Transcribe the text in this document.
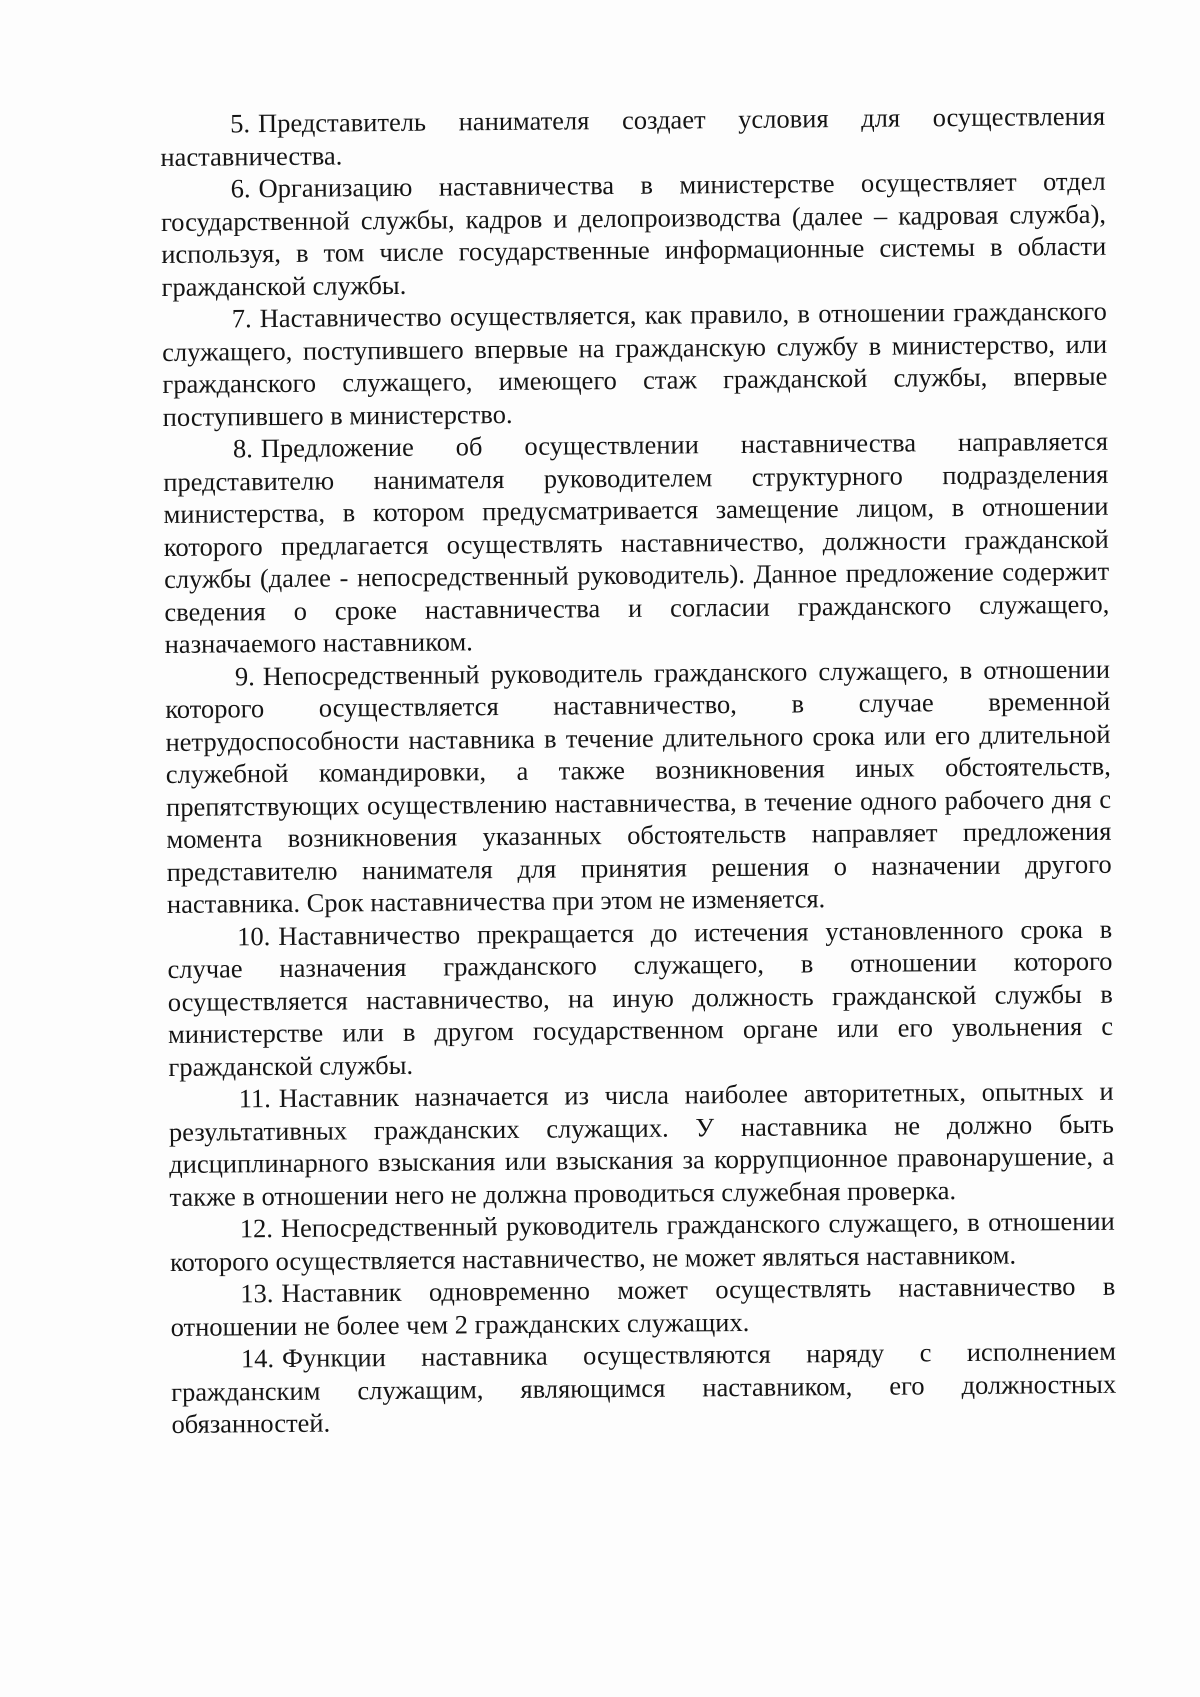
5. Представитель нанимателя создает условия для осуществления наставничества.

6. Организацию наставничества в министерстве осуществляет отдел государственной службы, кадров и делопроизводства (далее – кадровая служба), используя, в том числе государственные информационные системы в области гражданской службы.

7. Наставничество осуществляется, как правило, в отношении гражданского служащего, поступившего впервые на гражданскую службу в министерство, или гражданского служащего, имеющего стаж гражданской службы, впервые поступившего в министерство.

8. Предложение об осуществлении наставничества направляется представителю нанимателя руководителем структурного подразделения министерства, в котором предусматривается замещение лицом, в отношении которого предлагается осуществлять наставничество, должности гражданской службы (далее - непосредственный руководитель). Данное предложение содержит сведения о сроке наставничества и согласии гражданского служащего, назначаемого наставником.

9. Непосредственный руководитель гражданского служащего, в отношении которого осуществляется наставничество, в случае временной нетрудоспособности наставника в течение длительного срока или его длительной служебной командировки, а также возникновения иных обстоятельств, препятствующих осуществлению наставничества, в течение одного рабочего дня с момента возникновения указанных обстоятельств направляет предложения представителю нанимателя для принятия решения о назначении другого наставника. Срок наставничества при этом не изменяется.

10. Наставничество прекращается до истечения установленного срока в случае назначения гражданского служащего, в отношении которого осуществляется наставничество, на иную должность гражданской службы в министерстве или в другом государственном органе или его увольнения с гражданской службы.

11. Наставник назначается из числа наиболее авторитетных, опытных и результативных гражданских служащих. У наставника не должно быть дисциплинарного взыскания или взыскания за коррупционное правонарушение, а также в отношении него не должна проводиться служебная проверка.

12. Непосредственный руководитель гражданского служащего, в отношении которого осуществляется наставничество, не может являться наставником.

13. Наставник одновременно может осуществлять наставничество в отношении не более чем 2 гражданских служащих.

14. Функции наставника осуществляются наряду с исполнением гражданским служащим, являющимся наставником, его должностных обязанностей.
